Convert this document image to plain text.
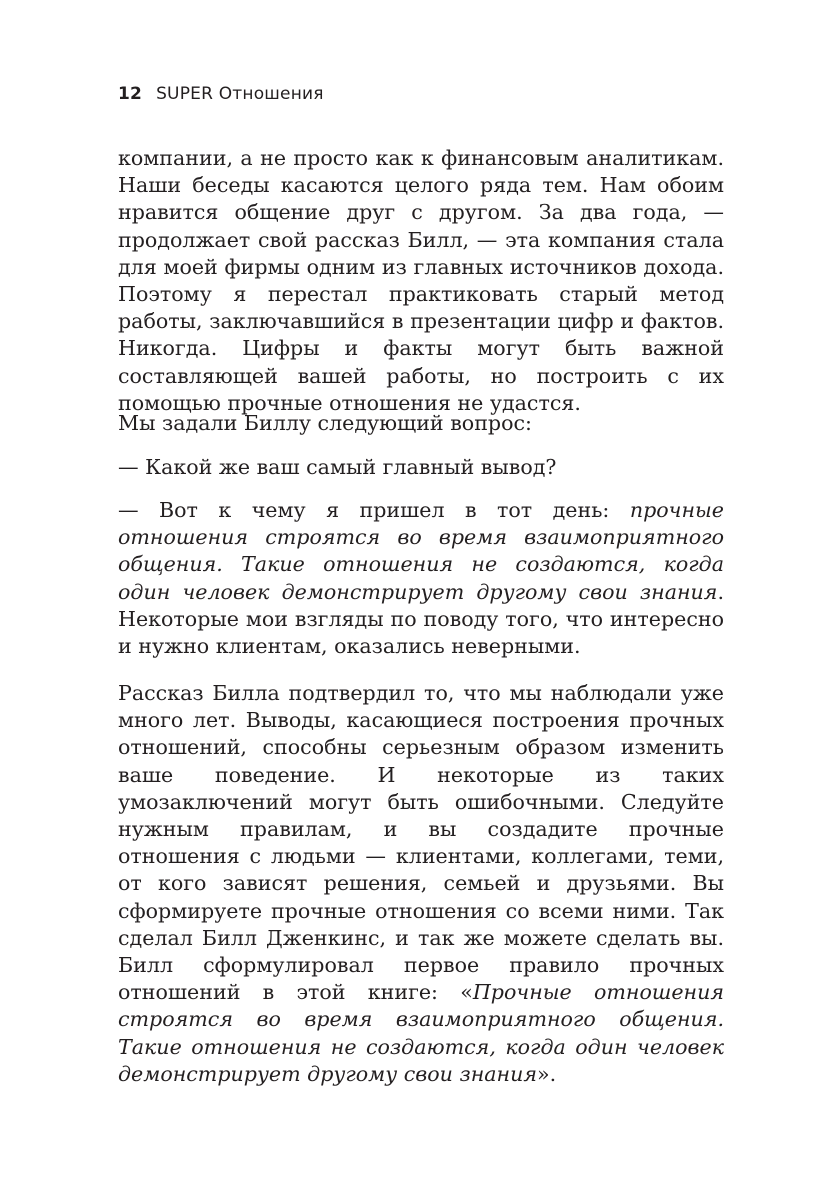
12 SUPER Отношения
компании, а не просто как к финансовым аналитикам. Наши беседы касаются целого ряда тем. Нам обоим нравится общение друг с другом. За два года, — продолжает свой рассказ Билл, — эта компания стала для моей фирмы одним из главных источников дохода. Поэтому я перестал практиковать старый метод работы, заключавшийся в презентации цифр и фактов. Никогда. Цифры и факты могут быть важной составляющей вашей работы, но построить с их помощью прочные отношения не удастся.
Мы задали Биллу следующий вопрос:
— Какой же ваш самый главный вывод?
— Вот к чему я пришел в тот день: прочные отношения строятся во время взаимоприятного общения. Такие отношения не создаются, когда один человек демонстрирует другому свои знания. Некоторые мои взгляды по поводу того, что интересно и нужно клиентам, оказались неверными.
Рассказ Билла подтвердил то, что мы наблюдали уже много лет. Выводы, касающиеся построения прочных отношений, способны серьезным образом изменить ваше поведение. И некоторые из таких умозаключений могут быть ошибочными. Следуйте нужным правилам, и вы создадите прочные отношения с людьми — клиентами, коллегами, теми, от кого зависят решения, семьей и друзьями. Вы сформируете прочные отношения со всеми ними. Так сделал Билл Дженкинс, и так же можете сделать вы. Билл сформулировал первое правило прочных отношений в этой книге: «Прочные отношения строятся во время взаимоприятного общения. Такие отношения не создаются, когда один человек демонстрирует другому свои знания».
